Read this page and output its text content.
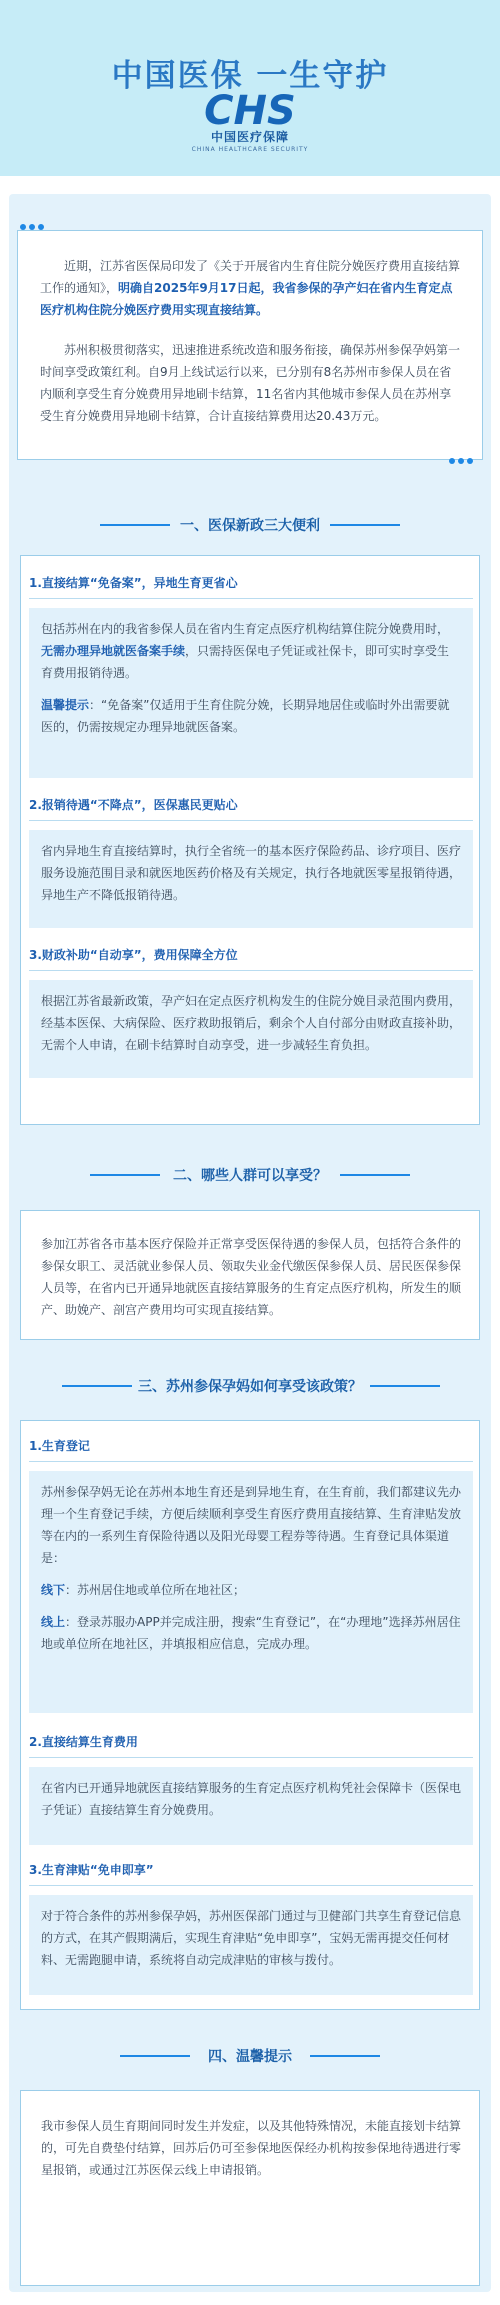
中国医保 一生守护
CHS
中国医疗保障
CHINA HEALTHCARE SECURITY

近期，江苏省医保局印发了《关于开展省内生育住院分娩医疗费用直接结算工作的通知》，明确自2025年9月17日起，我省参保的孕产妇在省内生育定点医疗机构住院分娩医疗费用实现直接结算。

苏州积极贯彻落实，迅速推进系统改造和服务衔接，确保苏州参保孕妈第一时间享受政策红利。自9月上线试运行以来，已分别有8名苏州市参保人员在省内顺利享受生育分娩费用异地刷卡结算，11名省内其他城市参保人员在苏州享受生育分娩费用异地刷卡结算，合计直接结算费用达20.43万元。

一、医保新政三大便利
1.直接结算“免备案”，异地生育更省心

包括苏州在内的我省参保人员在省内生育定点医疗机构结算住院分娩费用时，无需办理异地就医备案手续，只需持医保电子凭证或社保卡，即可实时享受生育费用报销待遇。

温馨提示：“免备案”仅适用于生育住院分娩，长期异地居住或临时外出需要就医的，仍需按规定办理异地就医备案。

2.报销待遇“不降点”，医保惠民更贴心

省内异地生育直接结算时，执行全省统一的基本医疗保险药品、诊疗项目、医疗服务设施范围目录和就医地医药价格及有关规定，执行各地就医零星报销待遇，异地生产不降低报销待遇。

3.财政补助“自动享”，费用保障全方位

根据江苏省最新政策，孕产妇在定点医疗机构发生的住院分娩目录范围内费用，经基本医保、大病保险、医疗救助报销后，剩余个人自付部分由财政直接补助，无需个人申请，在刷卡结算时自动享受，进一步减轻生育负担。

二、哪些人群可以享受？

参加江苏省各市基本医疗保险并正常享受医保待遇的参保人员，包括符合条件的参保女职工、灵活就业参保人员、领取失业金代缴医保参保人员、居民医保参保人员等，在省内已开通异地就医直接结算服务的生育定点医疗机构，所发生的顺产、助娩产、剖宫产费用均可实现直接结算。

三、苏州参保孕妈如何享受该政策？
1.生育登记

苏州参保孕妈无论在苏州本地生育还是到异地生育，在生育前，我们都建议先办理一个生育登记手续，方便后续顺利享受生育医疗费用直接结算、生育津贴发放等在内的一系列生育保险待遇以及阳光母婴工程券等待遇。生育登记具体渠道是：

线下：苏州居住地或单位所在地社区；

线上：登录苏服办APP并完成注册，搜索“生育登记”，在“办理地”选择苏州居住地或单位所在地社区，并填报相应信息，完成办理。

2.直接结算生育费用

在省内已开通异地就医直接结算服务的生育定点医疗机构凭社会保障卡（医保电子凭证）直接结算生育分娩费用。

3.生育津贴“免申即享”

对于符合条件的苏州参保孕妈，苏州医保部门通过与卫健部门共享生育登记信息的方式，在其产假期满后，实现生育津贴“免申即享”，宝妈无需再提交任何材料、无需跑腿申请，系统将自动完成津贴的审核与拨付。

四、温馨提示

我市参保人员生育期间同时发生并发症，以及其他特殊情况，未能直接划卡结算的，可先自费垫付结算，回苏后仍可至参保地医保经办机构按参保地待遇进行零星报销，或通过江苏医保云线上申请报销。
